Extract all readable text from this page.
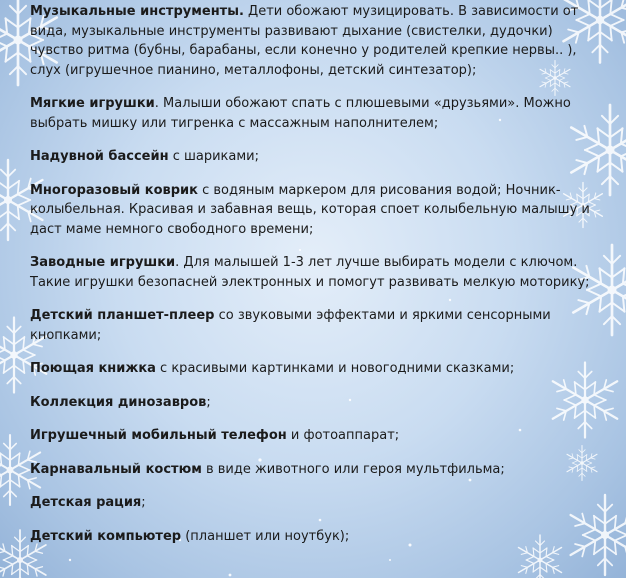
Музыкальные инструменты. Дети обожают музицировать. В зависимости от вида, музыкальные инструменты развивают дыхание (свистелки, дудочки) чувство ритма (бубны, барабаны, если конечно у родителей крепкие нервы.. ), слух (игрушечное пианино, металлофоны, детский синтезатор);
Мягкие игрушки. Малыши обожают спать с плюшевыми «друзьями». Можно выбрать мишку или тигренка с массажным наполнителем;
Надувной бассейн с шариками;
Многоразовый коврик с водяным маркером для рисования водой; Ночник-колыбельная. Красивая и забавная вещь, которая споет колыбельную малышу и даст маме немного свободного времени;
Заводные игрушки. Для малышей 1-3 лет лучше выбирать модели с ключом. Такие игрушки безопасней электронных и помогут развивать мелкую моторику;
Детский планшет-плеер со звуковыми эффектами и яркими сенсорными кнопками;
Поющая книжка с красивыми картинками и новогодними сказками;
Коллекция динозавров;
Игрушечный мобильный телефон и фотоаппарат;
Карнавальный костюм в виде животного или героя мультфильма;
Детская рация;
Детский компьютер (планшет или ноутбук);
